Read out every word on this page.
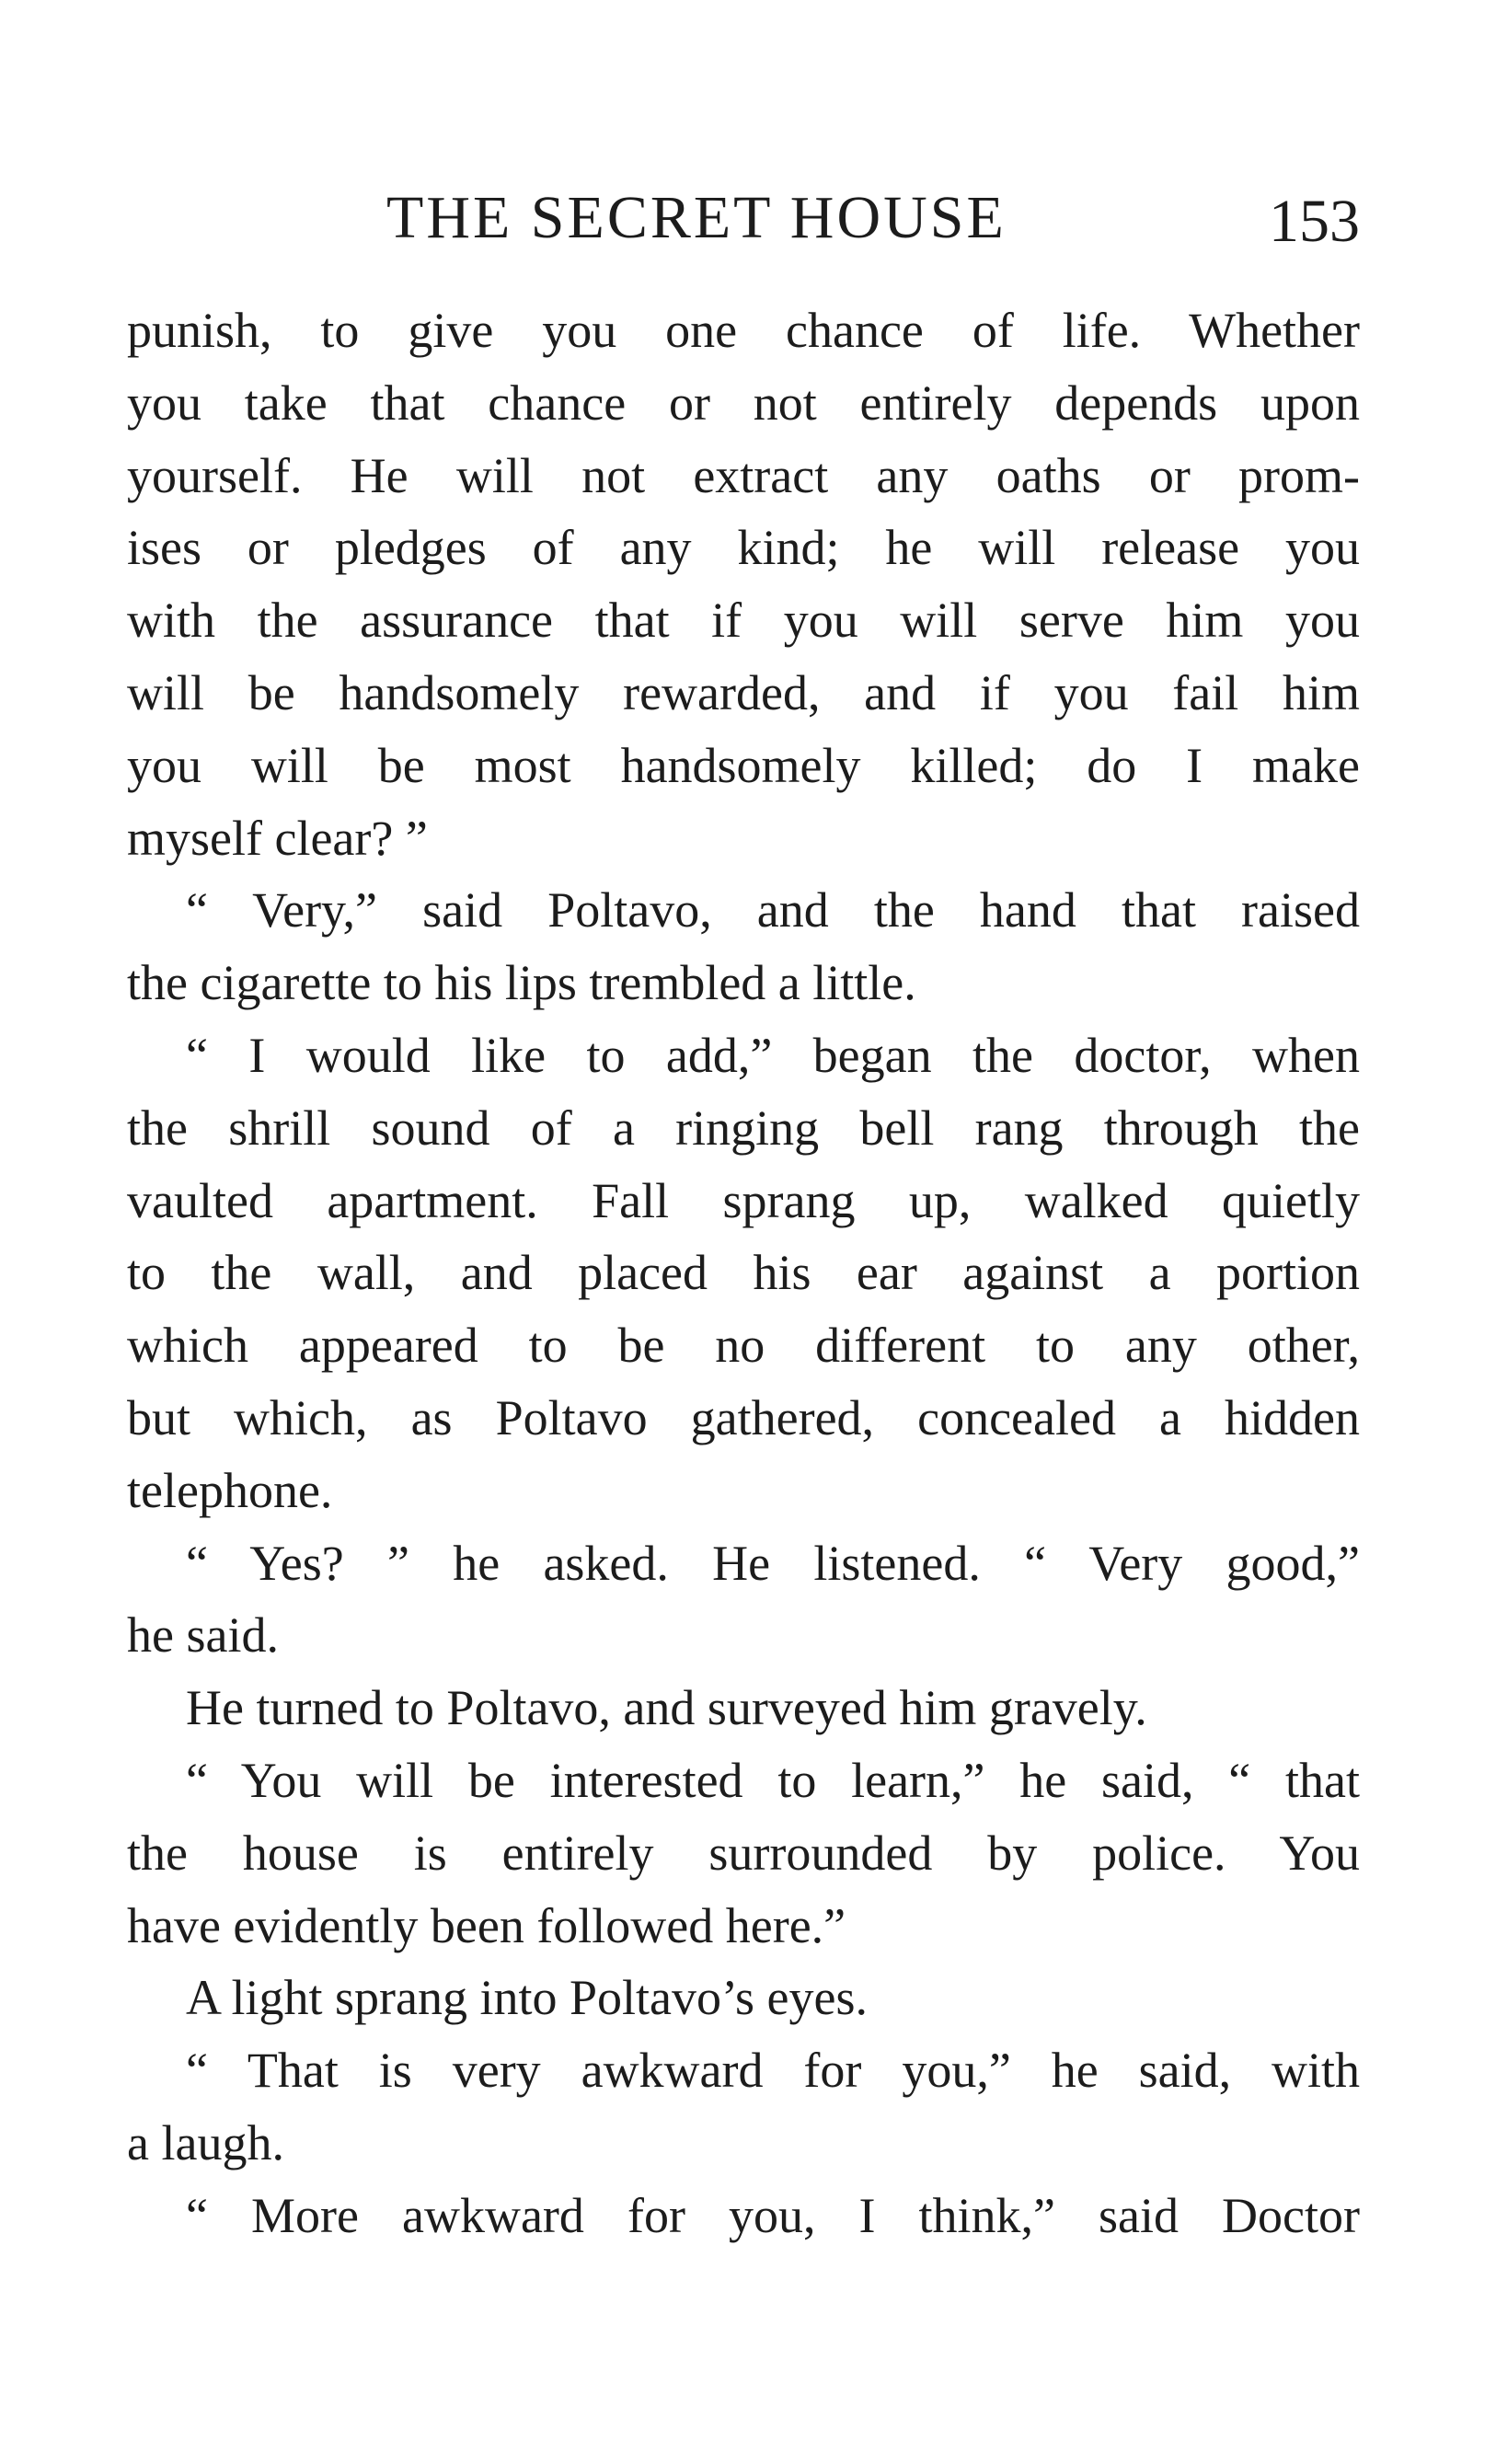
THE SECRET HOUSE	153
punish, to give you one chance of life. Whether
you take that chance or not entirely depends upon
yourself. He will not extract any oaths or prom-
ises or pledges of any kind; he will release you
with the assurance that if you will serve him you
will be handsomely rewarded, and if you fail him
you will be most handsomely killed; do I make
myself clear? ”
“ Very,” said Poltavo, and the hand that raised
the cigarette to his lips trembled a little.
“ I would like to add,” began the doctor, when
the shrill sound of a ringing bell rang through the
vaulted apartment. Fall sprang up, walked quietly
to the wall, and placed his ear against a portion
which appeared to be no different to any other,
but which, as Poltavo gathered, concealed a hidden
telephone.
“ Yes? ” he asked. He listened. “ Very good,”
he said.
He turned to Poltavo, and surveyed him gravely.
“ You will be interested to learn,” he said, “ that
the house is entirely surrounded by police. You
have evidently been followed here.”
A light sprang into Poltavo’s eyes.
“ That is very awkward for you,” he said, with
a laugh.
“ More awkward for you, I think,” said Doctor
